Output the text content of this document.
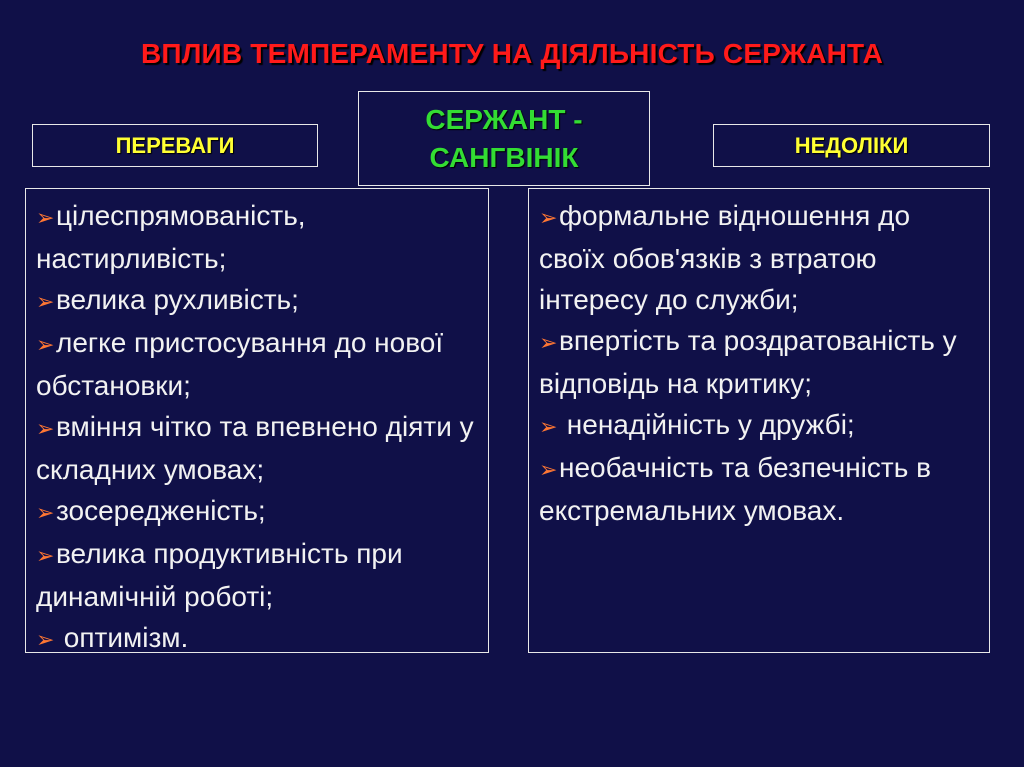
ВПЛИВ ТЕМПЕРАМЕНТУ НА ДІЯЛЬНІСТЬ СЕРЖАНТА
ПЕРЕВАГИ
СЕРЖАНТ -
САНГВІНІК	НЕДОЛІКИ
➢цілеспрямованість, настирливість;
➢велика рухливість;
➢легке пристосування до нової обстановки;
➢вміння чітко та впевнено діяти у складних умовах;
➢зосередженість;
➢велика продуктивність при динамічній роботі;
➢ оптимізм.
➢формальне відношення до своїх обов'язків з втратою інтересу до служби;
➢впертість та роздратованість у відповідь на критику;
➢ ненадійність у дружбі;
➢необачність та безпечність в екстремальних умовах.
